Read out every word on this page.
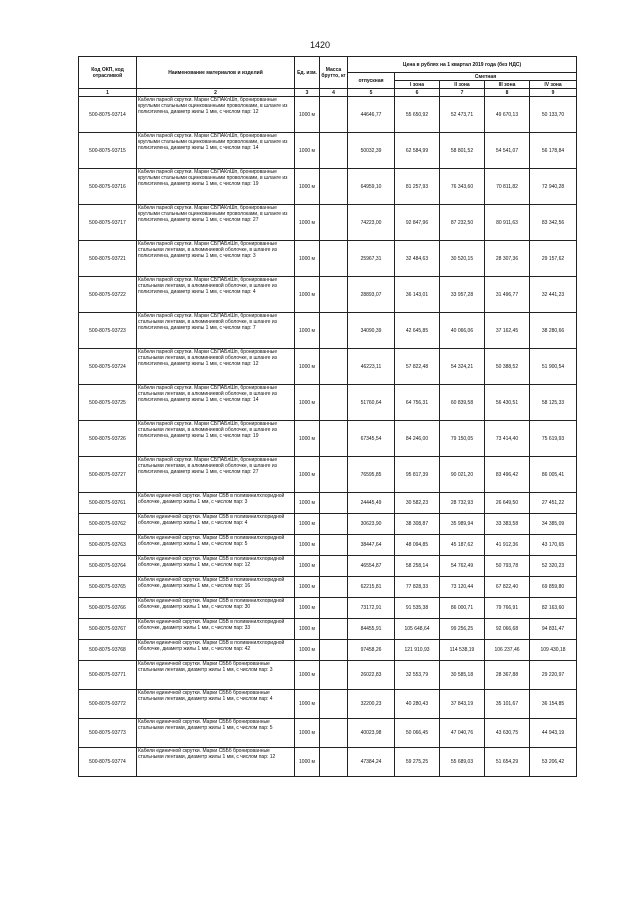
1420
Код ОКП, код отрасливой	Наименование материалов и изделий	Ед. изм.	Масса брутто, кг	Цена в рублях на 1 квартал 2019 года (без НДС)				
				отпускная	Сметная			
					I зона	II зона	III зона	IV зона
1	2	3	4	5	6	7	8	9
500-8075-93714	Кабели парной скрутки. Марки СБПАКлШп, бронированные круглыми стальными оцинкованными проволоками, в шланге из полиэтилена, диаметр жилы 1 мм, с числом пар: 12	1000 м		44646,77	55 650,92	52 473,71	49 670,13	50 133,70
500-8075-93715	Кабели парной скрутки. Марки СБПАКлШп, бронированные круглыми стальными оцинкованными проволоками, в шланге из полиэтилена, диаметр жилы 1 мм, с числом пар: 14	1000 м		50032,39	62 584,99	58 801,52	54 541,07	56 178,84
500-8075-93716	Кабели парной скрутки. Марки СБПАКлШп, бронированные круглыми стальными оцинкованными проволоками, в шланге из полиэтилена, диаметр жилы 1 мм, с числом пар: 19	1000 м		64959,10	81 257,93	76 343,60	70 811,82	72 940,28
500-8075-93717	Кабели парной скрутки. Марки СБПАКлШп, бронированные круглыми стальными оцинкованными проволоками, в шланге из полиэтилена, диаметр жилы 1 мм, с числом пар: 27	1000 м		74223,00	92 847,96	87 232,50	80 911,63	83 342,56
500-8075-93721	Кабели парной скрутки. Марки СБПАБлШп, бронированные стальными лентами, в алюминиевой оболочке, в шланге из полиэтилена, диаметр жилы 1 мм, с числом пар: 3	1000 м		25967,31	32 484,63	30 520,15	28 307,36	29 157,62
500-8075-93722	Кабели парной скрутки. Марки СБПАБлШп, бронированные стальными лентами, в алюминиевой оболочке, в шланге из полиэтилена, диаметр жилы 1 мм, с числом пар: 4	1000 м		28893,07	36 143,01	33 957,28	31 496,77	32 441,23
500-8075-93723	Кабели парной скрутки. Марки СБПАБлШп, бронированные стальными лентами, в алюминиевой оболочке, в шланге из полиэтилена, диаметр жилы 1 мм, с числом пар: 7	1000 м		34090,39	42 645,85	40 066,06	37 162,45	38 280,66
500-8075-93724	Кабели парной скрутки. Марки СБПАБлШп, бронированные стальными лентами, в алюминиевой оболочке, в шланге из полиэтилена, диаметр жилы 1 мм, с числом пар: 12	1000 м		46223,11	57 822,48	54 324,21	50 388,52	51 900,54
500-8075-93725	Кабели парной скрутки. Марки СБПАБлШп, бронированные стальными лентами, в алюминиевой оболочке, в шланге из полиэтилена, диаметр жилы 1 мм, с числом пар: 14	1000 м		51760,64	64 756,31	60 839,58	56 430,51	58 125,33
500-8075-93726	Кабели парной скрутки. Марки СБПАБлШп, бронированные стальными лентами, в алюминиевой оболочке, в шланге из полиэтилена, диаметр жилы 1 мм, с числом пар: 19	1000 м		67345,54	84 246,00	79 150,05	73 414,40	75 619,93
500-8075-93727	Кабели парной скрутки. Марки СБПАБлШп, бронированные стальными лентами, в алюминиевой оболочке, в шланге из полиэтилена, диаметр жилы 1 мм, с числом пар: 27	1000 м		76595,85	95 817,39	90 021,20	83 496,42	86 005,41
500-8075-93761	Кабели единичной скрутки. Марки СБВ в поливинилхлоридной оболочке, диаметр жилы 1 мм, с числом пар: 3	1000 м		24445,49	30 582,23	28 732,93	26 649,50	27 451,22
500-8075-93762	Кабели единичной скрутки. Марки СБВ в поливинилхлоридной оболочке, диаметр жилы 1 мм, с числом пар: 4	1000 м		30623,90	38 308,87	35 989,94	33 383,58	34 385,09
500-8075-93763	Кабели единичной скрутки. Марки СБВ в поливинилхлоридной оболочке, диаметр жилы 1 мм, с числом пар: 5	1000 м		38447,64	48 094,85	45 187,62	41 912,36	43 170,65
500-8075-93764	Кабели единичной скрутки. Марки СБВ в поливинилхлоридной оболочке, диаметр жилы 1 мм, с числом пар: 12	1000 м		46554,87	58 258,14	54 762,49	50 793,78	52 320,23
500-8075-93765	Кабели единичной скрутки. Марки СБВ в поливинилхлоридной оболочке, диаметр жилы 1 мм, с числом пар: 16	1000 м		62215,81	77 828,33	73 120,44	67 822,40	69 859,80
500-8075-93766	Кабели единичной скрутки. Марки СБВ в поливинилхлоридной оболочке, диаметр жилы 1 мм, с числом пар: 30	1000 м		73172,91	91 535,38	86 000,71	79 766,91	82 163,60
500-8075-93767	Кабели единичной скрутки. Марки СБВ в поливинилхлоридной оболочке, диаметр жилы 1 мм, с числом пар: 33	1000 м		84455,91	105 648,64	99 256,25	92 066,68	94 831,47
500-8075-93768	Кабели единичной скрутки. Марки СБВ в поливинилхлоридной оболочке, диаметр жилы 1 мм, с числом пар: 42	1000 м		97458,26	121 910,93	114 538,19	106 237,46	109 430,18
500-8075-93771	Кабели единичной скрутки. Марки СББб бронированные стальными лентами, диаметр жилы 1 мм, с числом пар: 3	1000 м		26022,83	32 553,79	30 585,18	28 367,88	29 220,97
500-8075-93772	Кабели единичной скрутки. Марки СББб бронированные стальными лентами, диаметр жилы 1 мм, с числом пар: 4	1000 м		32200,23	40 280,43	37 843,19	35 101,67	36 154,85
500-8075-93773	Кабели единичной скрутки. Марки СББб бронированные стальными лентами, диаметр жилы 1 мм, с числом пар: 5	1000 м		40023,98	50 066,45	47 040,76	43 630,75	44 943,19
500-8075-93774	Кабели единичной скрутки. Марки СББб бронированные стальными лентами, диаметр жилы 1 мм, с числом пар: 12	1000 м		47384,24	59 275,25	55 689,03	51 654,29	53 206,42
